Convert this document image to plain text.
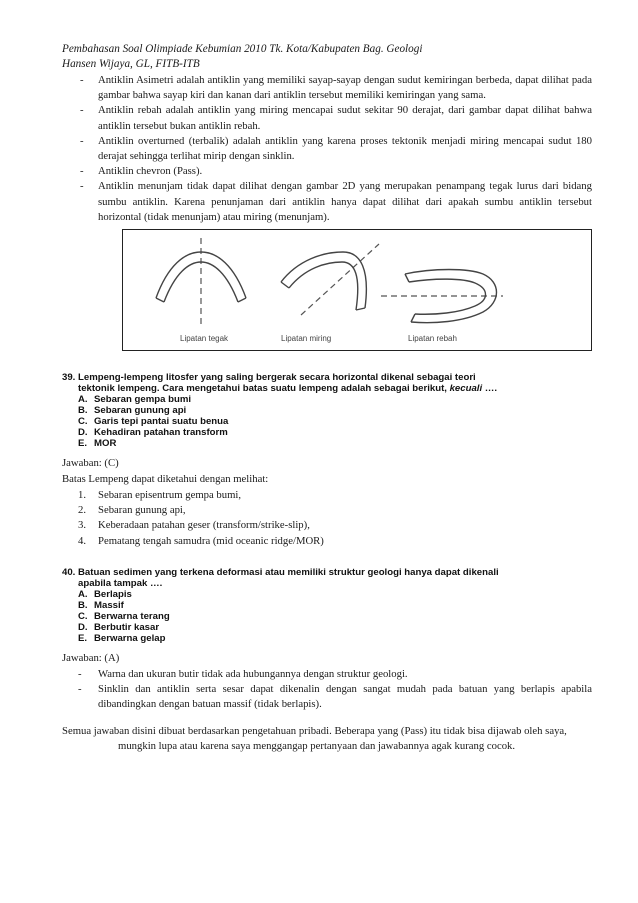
Pembahasan Soal Olimpiade Kebumian 2010 Tk. Kota/Kabupaten Bag. Geologi
Hansen Wijaya, GL, FITB-ITB
- Antiklin Asimetri adalah antiklin yang memiliki sayap-sayap dengan sudut kemiringan berbeda, dapat dilihat pada gambar bahwa sayap kiri dan kanan dari antiklin tersebut memiliki kemiringan yang sama.
- Antiklin rebah adalah antiklin yang miring mencapai sudut sekitar 90 derajat, dari gambar dapat dilihat bahwa antiklin tersebut bukan antiklin rebah.
- Antiklin overturned (terbalik) adalah antiklin yang karena proses tektonik menjadi miring mencapai sudut 180 derajat sehingga terlihat mirip dengan sinklin.
- Antiklin chevron (Pass).
- Antiklin menunjam tidak dapat dilihat dengan gambar 2D yang merupakan penampang tegak lurus dari bidang sumbu antiklin. Karena penunjaman dari antiklin hanya dapat dilihat dari apakah sumbu antiklin tersebut horizontal (tidak menunjam) atau miring (menunjam).
Lipatan tegak	Lipatan miring	Lipatan rebah
39. Lempeng-lempeng litosfer yang saling bergerak secara horizontal dikenal sebagai teori
tektonik lempeng. Cara mengetahui batas suatu lempeng adalah sebagai berikut, kecuali ….
A. Sebaran gempa bumi
B. Sebaran gunung api
C. Garis tepi pantai suatu benua
D. Kehadiran patahan transform
E. MOR
Jawaban: (C)
Batas Lempeng dapat diketahui dengan melihat:
1. Sebaran episentrum gempa bumi,
2. Sebaran gunung api,
3. Keberadaan patahan geser (transform/strike-slip),
4. Pematang tengah samudra (mid oceanic ridge/MOR)
40. Batuan sedimen yang terkena deformasi atau memiliki struktur geologi hanya dapat dikenali
apabila tampak ….
A. Berlapis
B. Massif
C. Berwarna terang
D. Berbutir kasar
E. Berwarna gelap
Jawaban: (A)
- Warna dan ukuran butir tidak ada hubungannya dengan struktur geologi.
- Sinklin dan antiklin serta sesar dapat dikenalin dengan sangat mudah pada batuan yang berlapis apabila dibandingkan dengan batuan massif (tidak berlapis).
Semua jawaban disini dibuat berdasarkan pengetahuan pribadi. Beberapa yang (Pass) itu tidak bisa dijawab oleh saya,
mungkin lupa atau karena saya menggangap pertanyaan dan jawabannya agak kurang cocok.
